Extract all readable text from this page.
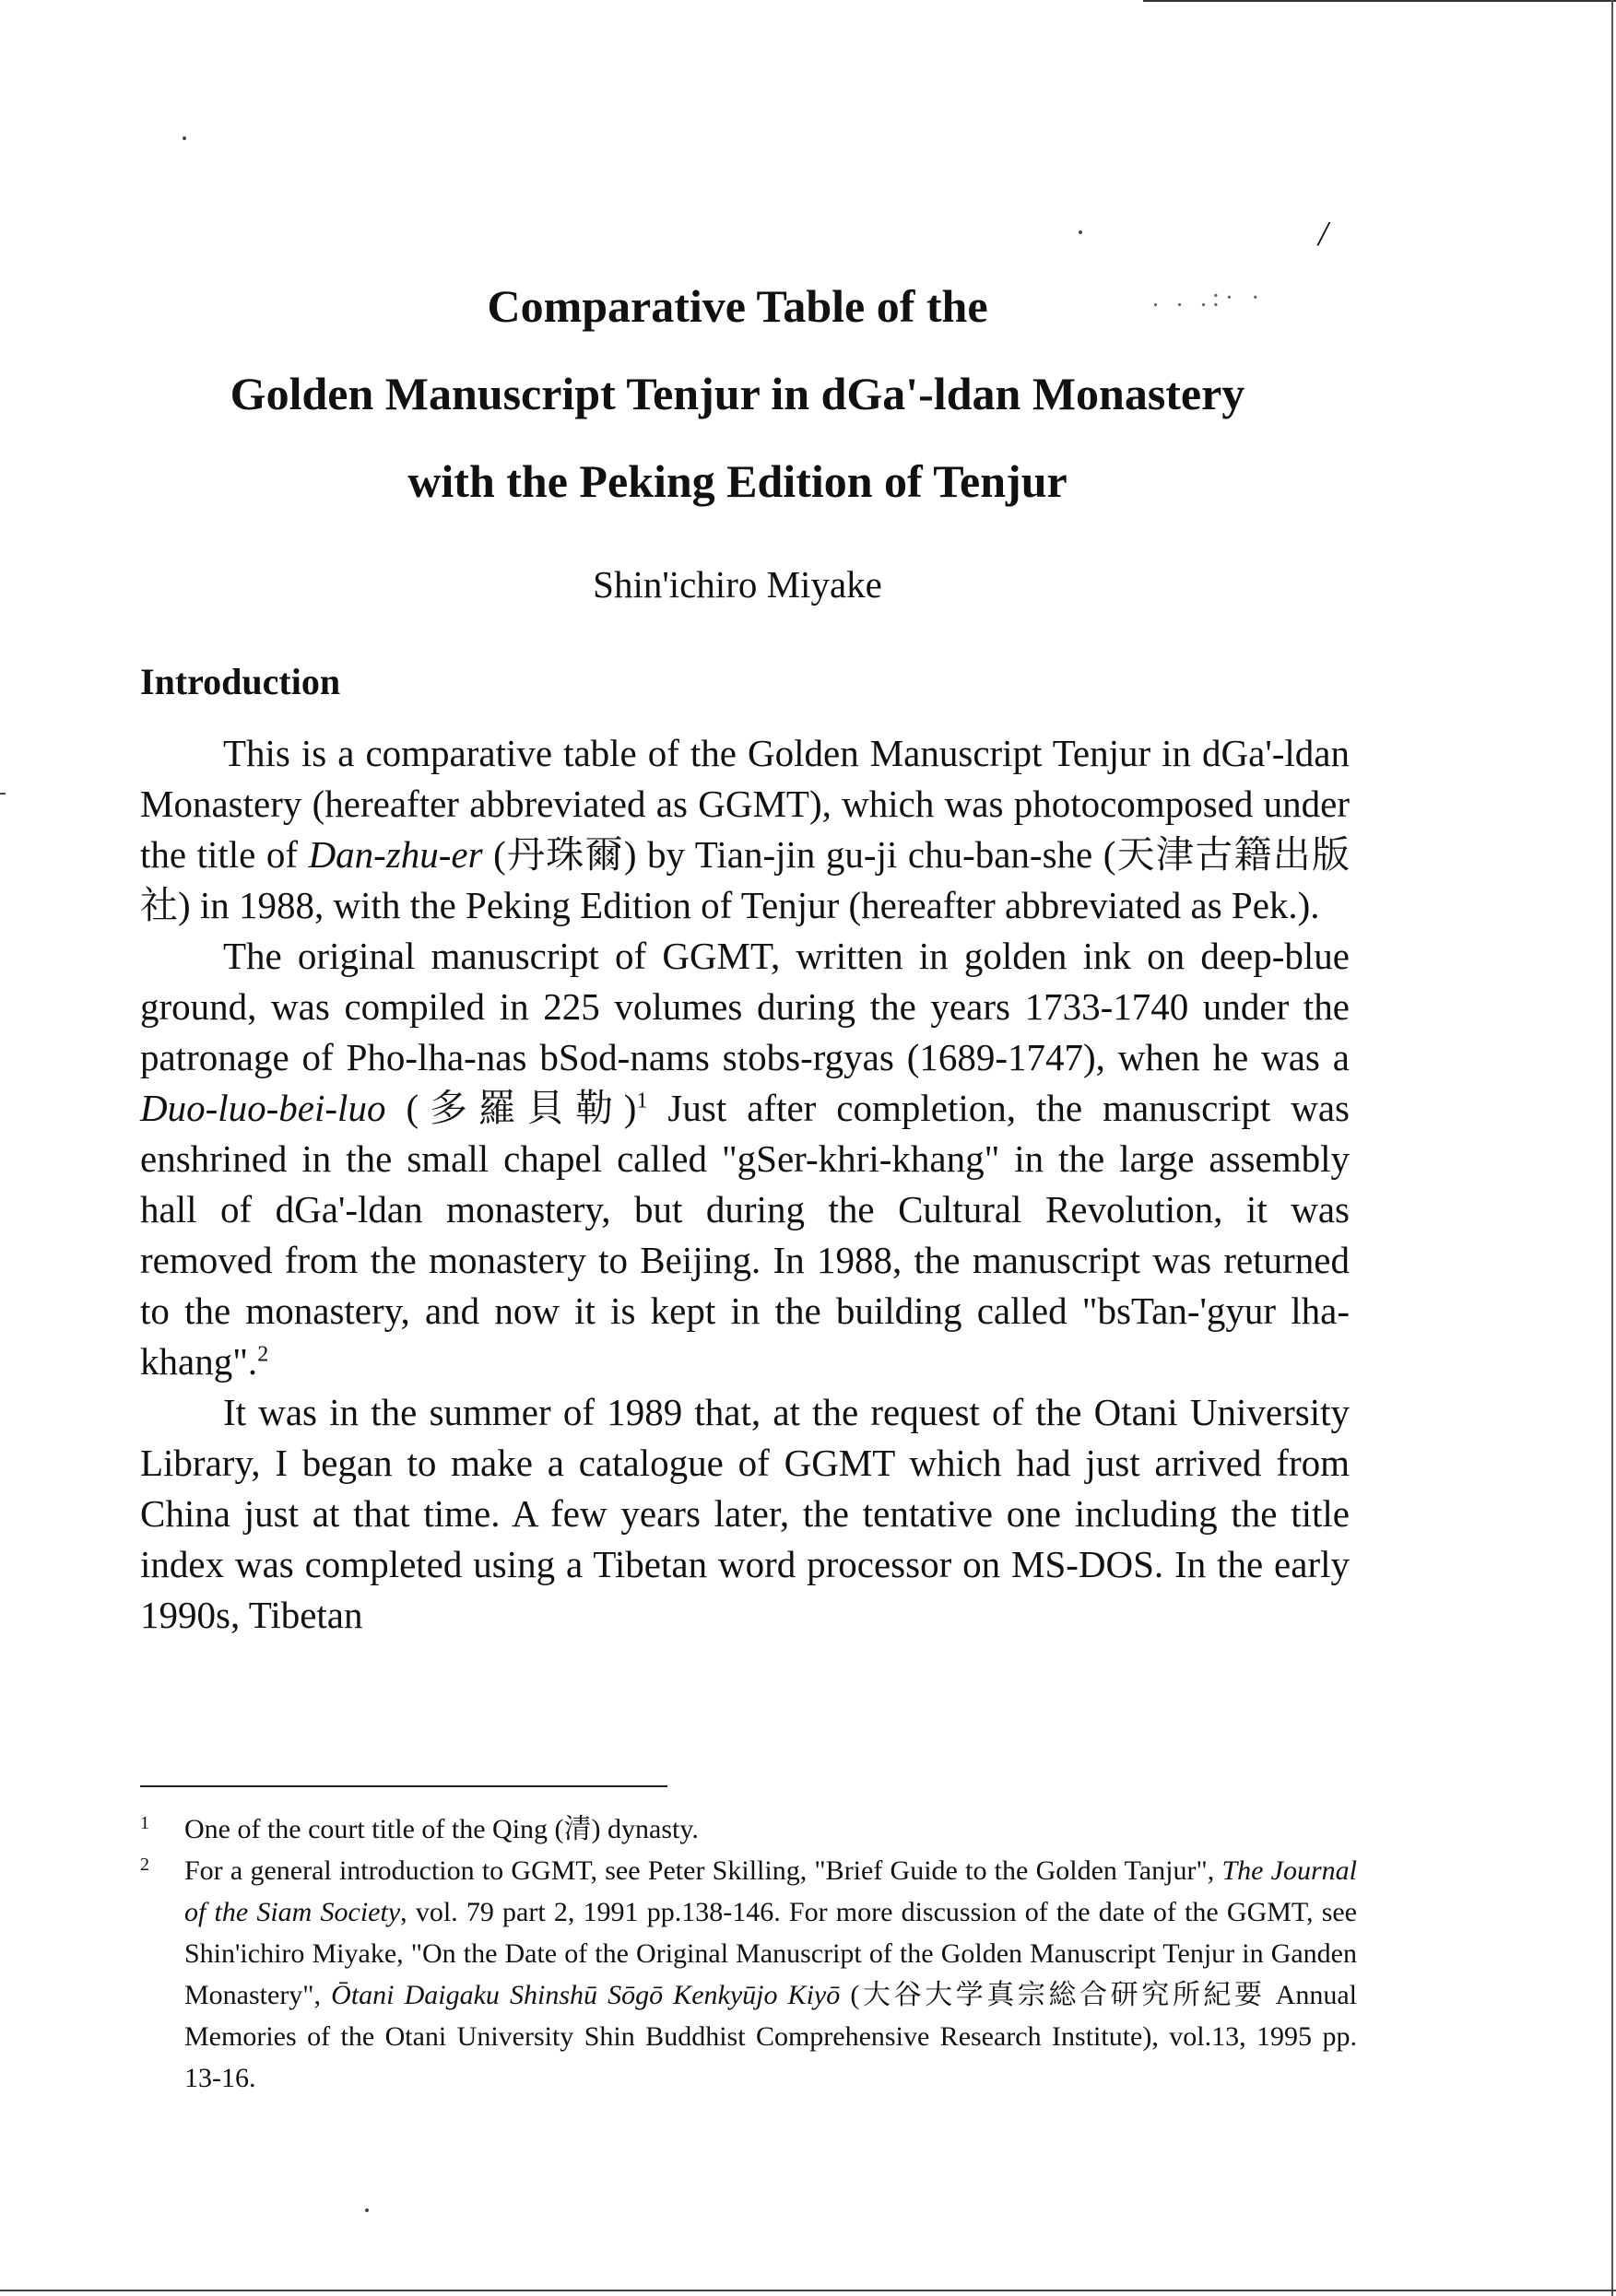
/
. . .:· ·
Comparative Table of the
Golden Manuscript Tenjur in dGa'-ldan Monastery
with the Peking Edition of Tenjur
Shin'ichiro Miyake
Introduction

This is a comparative table of the Golden Manuscript Tenjur in dGa'-ldan Monastery (hereafter abbreviated as GGMT), which was photocomposed under the title of Dan-zhu-er (丹珠爾) by Tian-jin gu-ji chu-ban-she (天津古籍出版社) in 1988, with the Peking Edition of Tenjur (hereafter abbreviated as Pek.).

The original manuscript of GGMT, written in golden ink on deep-blue ground, was compiled in 225 volumes during the years 1733-1740 under the patronage of Pho-lha-nas bSod-nams stobs-rgyas (1689-1747), when he was a Duo-luo-bei-luo (多羅貝勒)$^1$ Just after completion, the manuscript was enshrined in the small chapel called "gSer-khri-khang" in the large assembly hall of dGa'-ldan monastery, but during the Cultural Revolution, it was removed from the monastery to Beijing. In 1988, the manuscript was returned to the monastery, and now it is kept in the building called "bsTan-'gyur lha-khang".$^2$

It was in the summer of 1989 that, at the request of the Otani University Library, I began to make a catalogue of GGMT which had just arrived from China just at that time. A few years later, the tentative one including the title index was completed using a Tibetan word processor on MS-DOS. In the early 1990s, Tibetan

1 One of the court title of the Qing (清) dynasty.
2 For a general introduction to GGMT, see Peter Skilling, "Brief Guide to the Golden Tanjur", The Journal of the Siam Society, vol. 79 part 2, 1991 pp.138-146. For more discussion of the date of the GGMT, see Shin'ichiro Miyake, "On the Date of the Original Manuscript of the Golden Manuscript Tenjur in Ganden Monastery", Ōtani Daigaku Shinshū Sōgō Kenkyūjo Kiyō (大谷大学真宗総合研究所紀要 Annual Memories of the Otani University Shin Buddhist Comprehensive Research Institute), vol.13, 1995 pp. 13-16.
